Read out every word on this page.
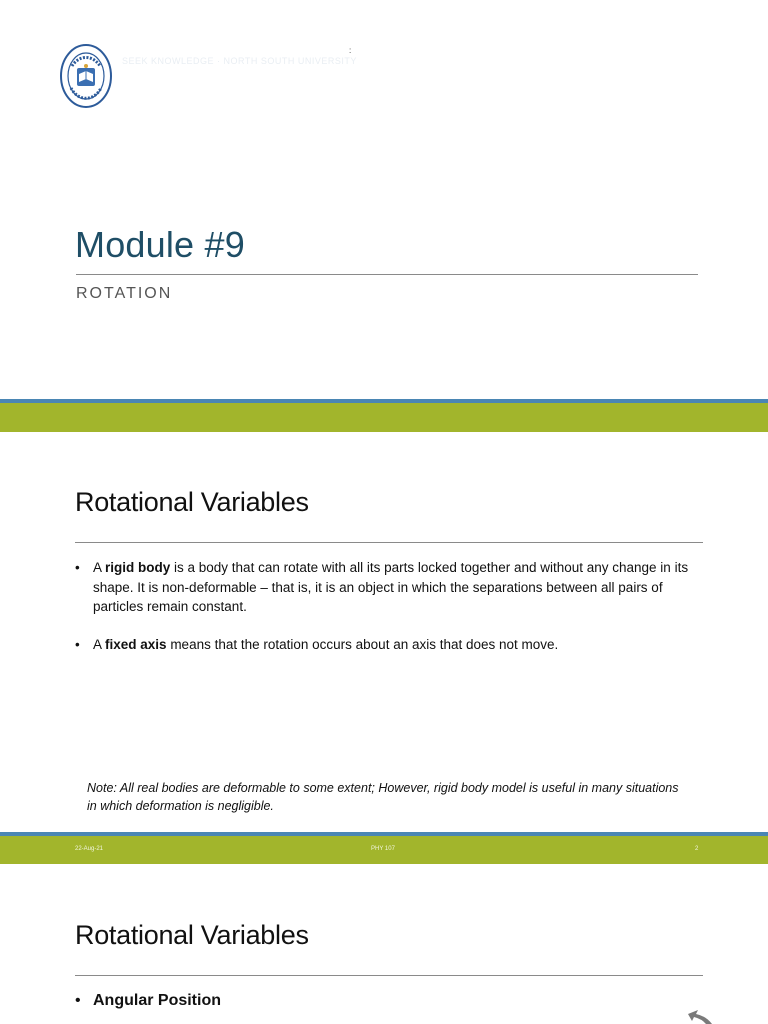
SEEK KNOWLEDGE · NORTH SOUTH UNIVERSITY
:
Module #9
ROTATION
Rotational Variables
• A rigid body is a body that can rotate with all its parts locked together and without any change in its shape. It is non-deformable – that is, it is an object in which the separations between all pairs of particles remain constant.
• A fixed axis means that the rotation occurs about an axis that does not move.
Note: All real bodies are deformable to some extent; However, rigid body model is useful in many situations in which deformation is negligible.
22-Aug-21	PHY 107	2
Rotational Variables
• Angular Position
